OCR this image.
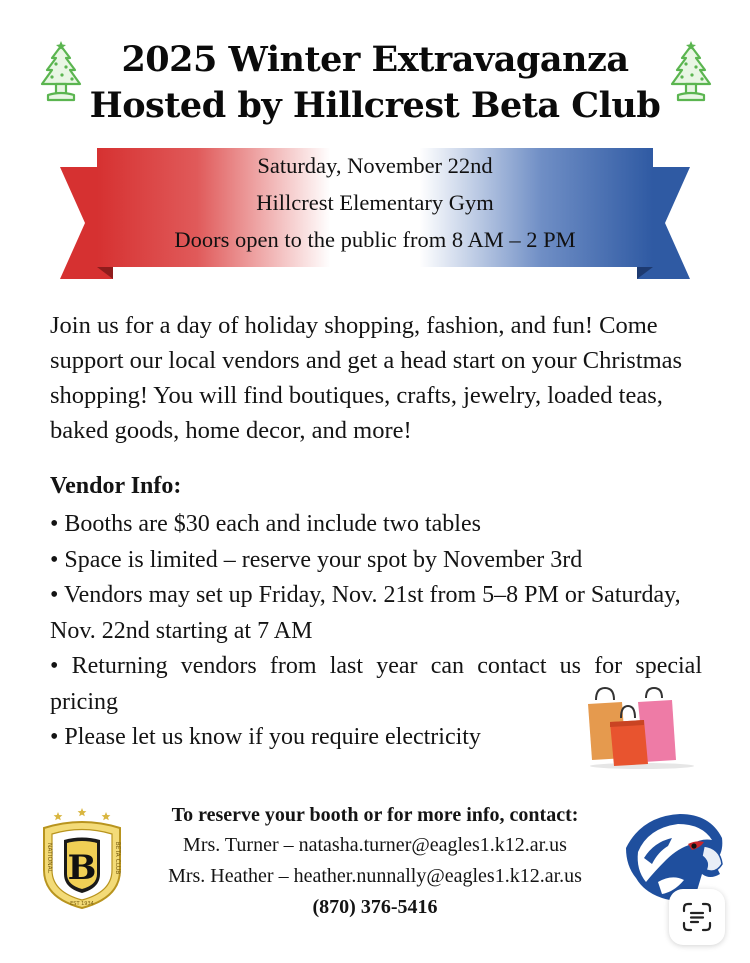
2025 Winter Extravaganza
Hosted by Hillcrest Beta Club
Saturday, November 22nd
Hillcrest Elementary Gym
Doors open to the public from 8 AM – 2 PM

Join us for a day of holiday shopping, fashion, and fun! Come support our local vendors and get a head start on your Christmas shopping! You will find boutiques, crafts, jewelry, loaded teas, baked goods, home decor, and more!

Vendor Info:
• Booths are $30 each and include two tables
• Space is limited – reserve your spot by November 3rd
• Vendors may set up Friday, Nov. 21st from 5–8 PM or Saturday, Nov. 22nd starting at 7 AM
• Returning vendors from last year can contact us for special pricing
• Please let us know if you require electricity

To reserve your booth or for more info, contact:

Mrs. Turner – natasha.turner@eagles1.k12.ar.us

Mrs. Heather – heather.nunnally@eagles1.k12.ar.us

(870) 376-5416

B
NATIONAL	BETA CLUB
EST 1934
